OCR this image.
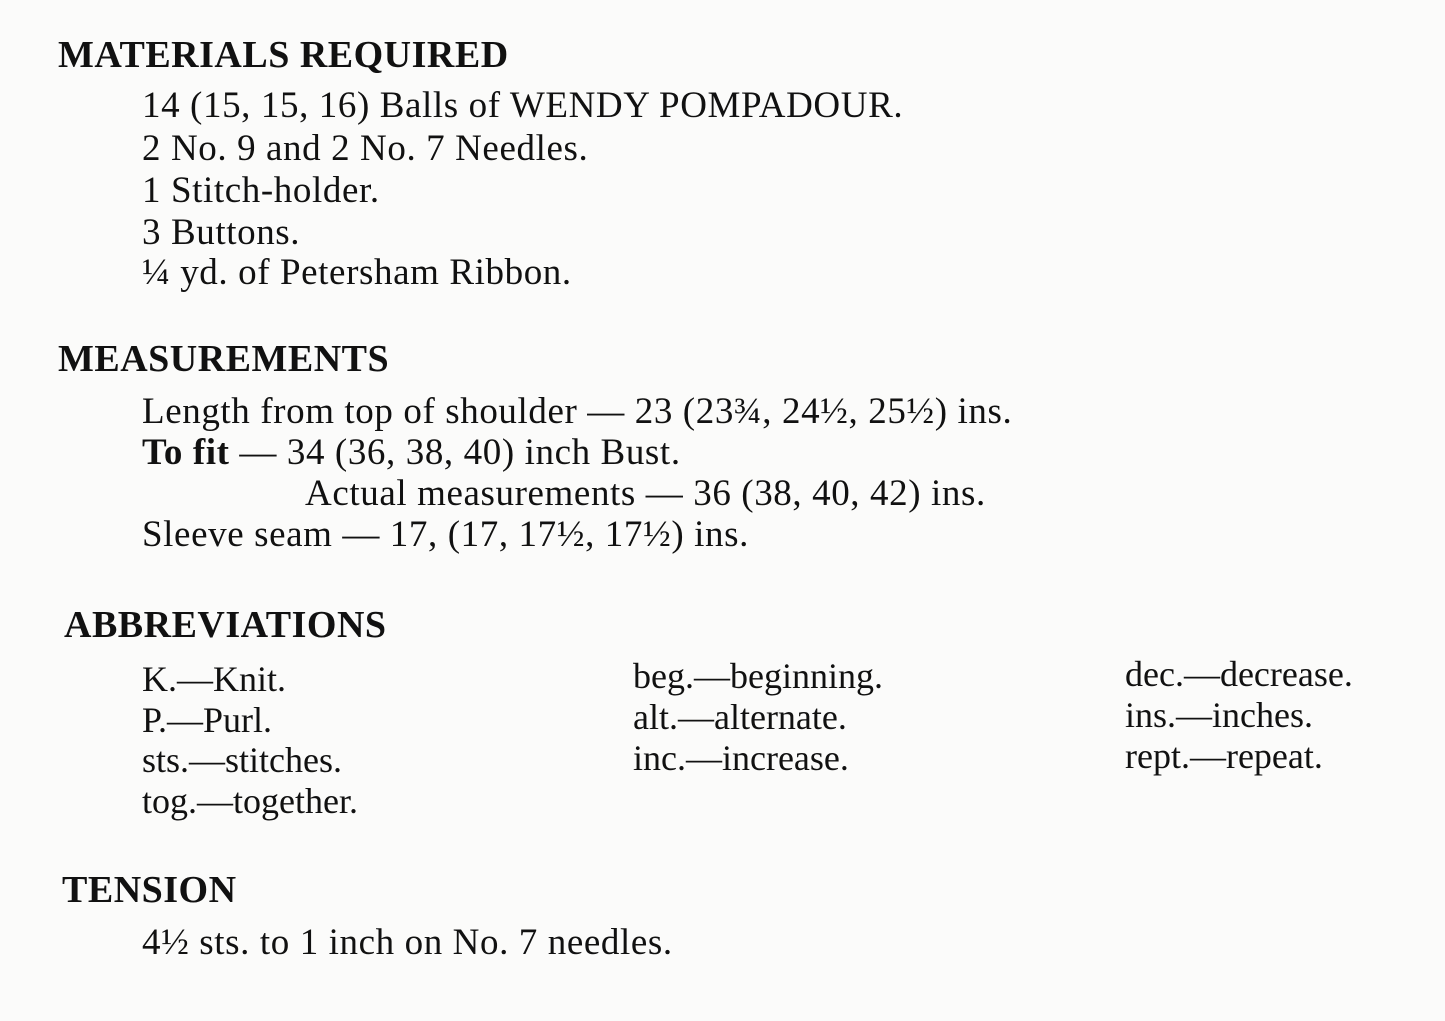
MATERIALS REQUIRED
14 (15, 15, 16) Balls of WENDY POMPADOUR.
2 No. 9 and 2 No. 7 Needles.
1 Stitch-holder.
3 Buttons.
¼ yd. of Petersham Ribbon.
MEASUREMENTS
Length from top of shoulder — 23 (23¾, 24½, 25½) ins.
To fit — 34 (36, 38, 40) inch Bust.
Actual measurements — 36 (38, 40, 42) ins.
Sleeve seam — 17, (17, 17½, 17½) ins.
ABBREVIATIONS
K.—Knit.
P.—Purl.
sts.—stitches.
tog.—together.
beg.—beginning.
alt.—alternate.
inc.—increase.
dec.—decrease.
ins.—inches.
rept.—repeat.
TENSION
4½ sts. to 1 inch on No. 7 needles.
